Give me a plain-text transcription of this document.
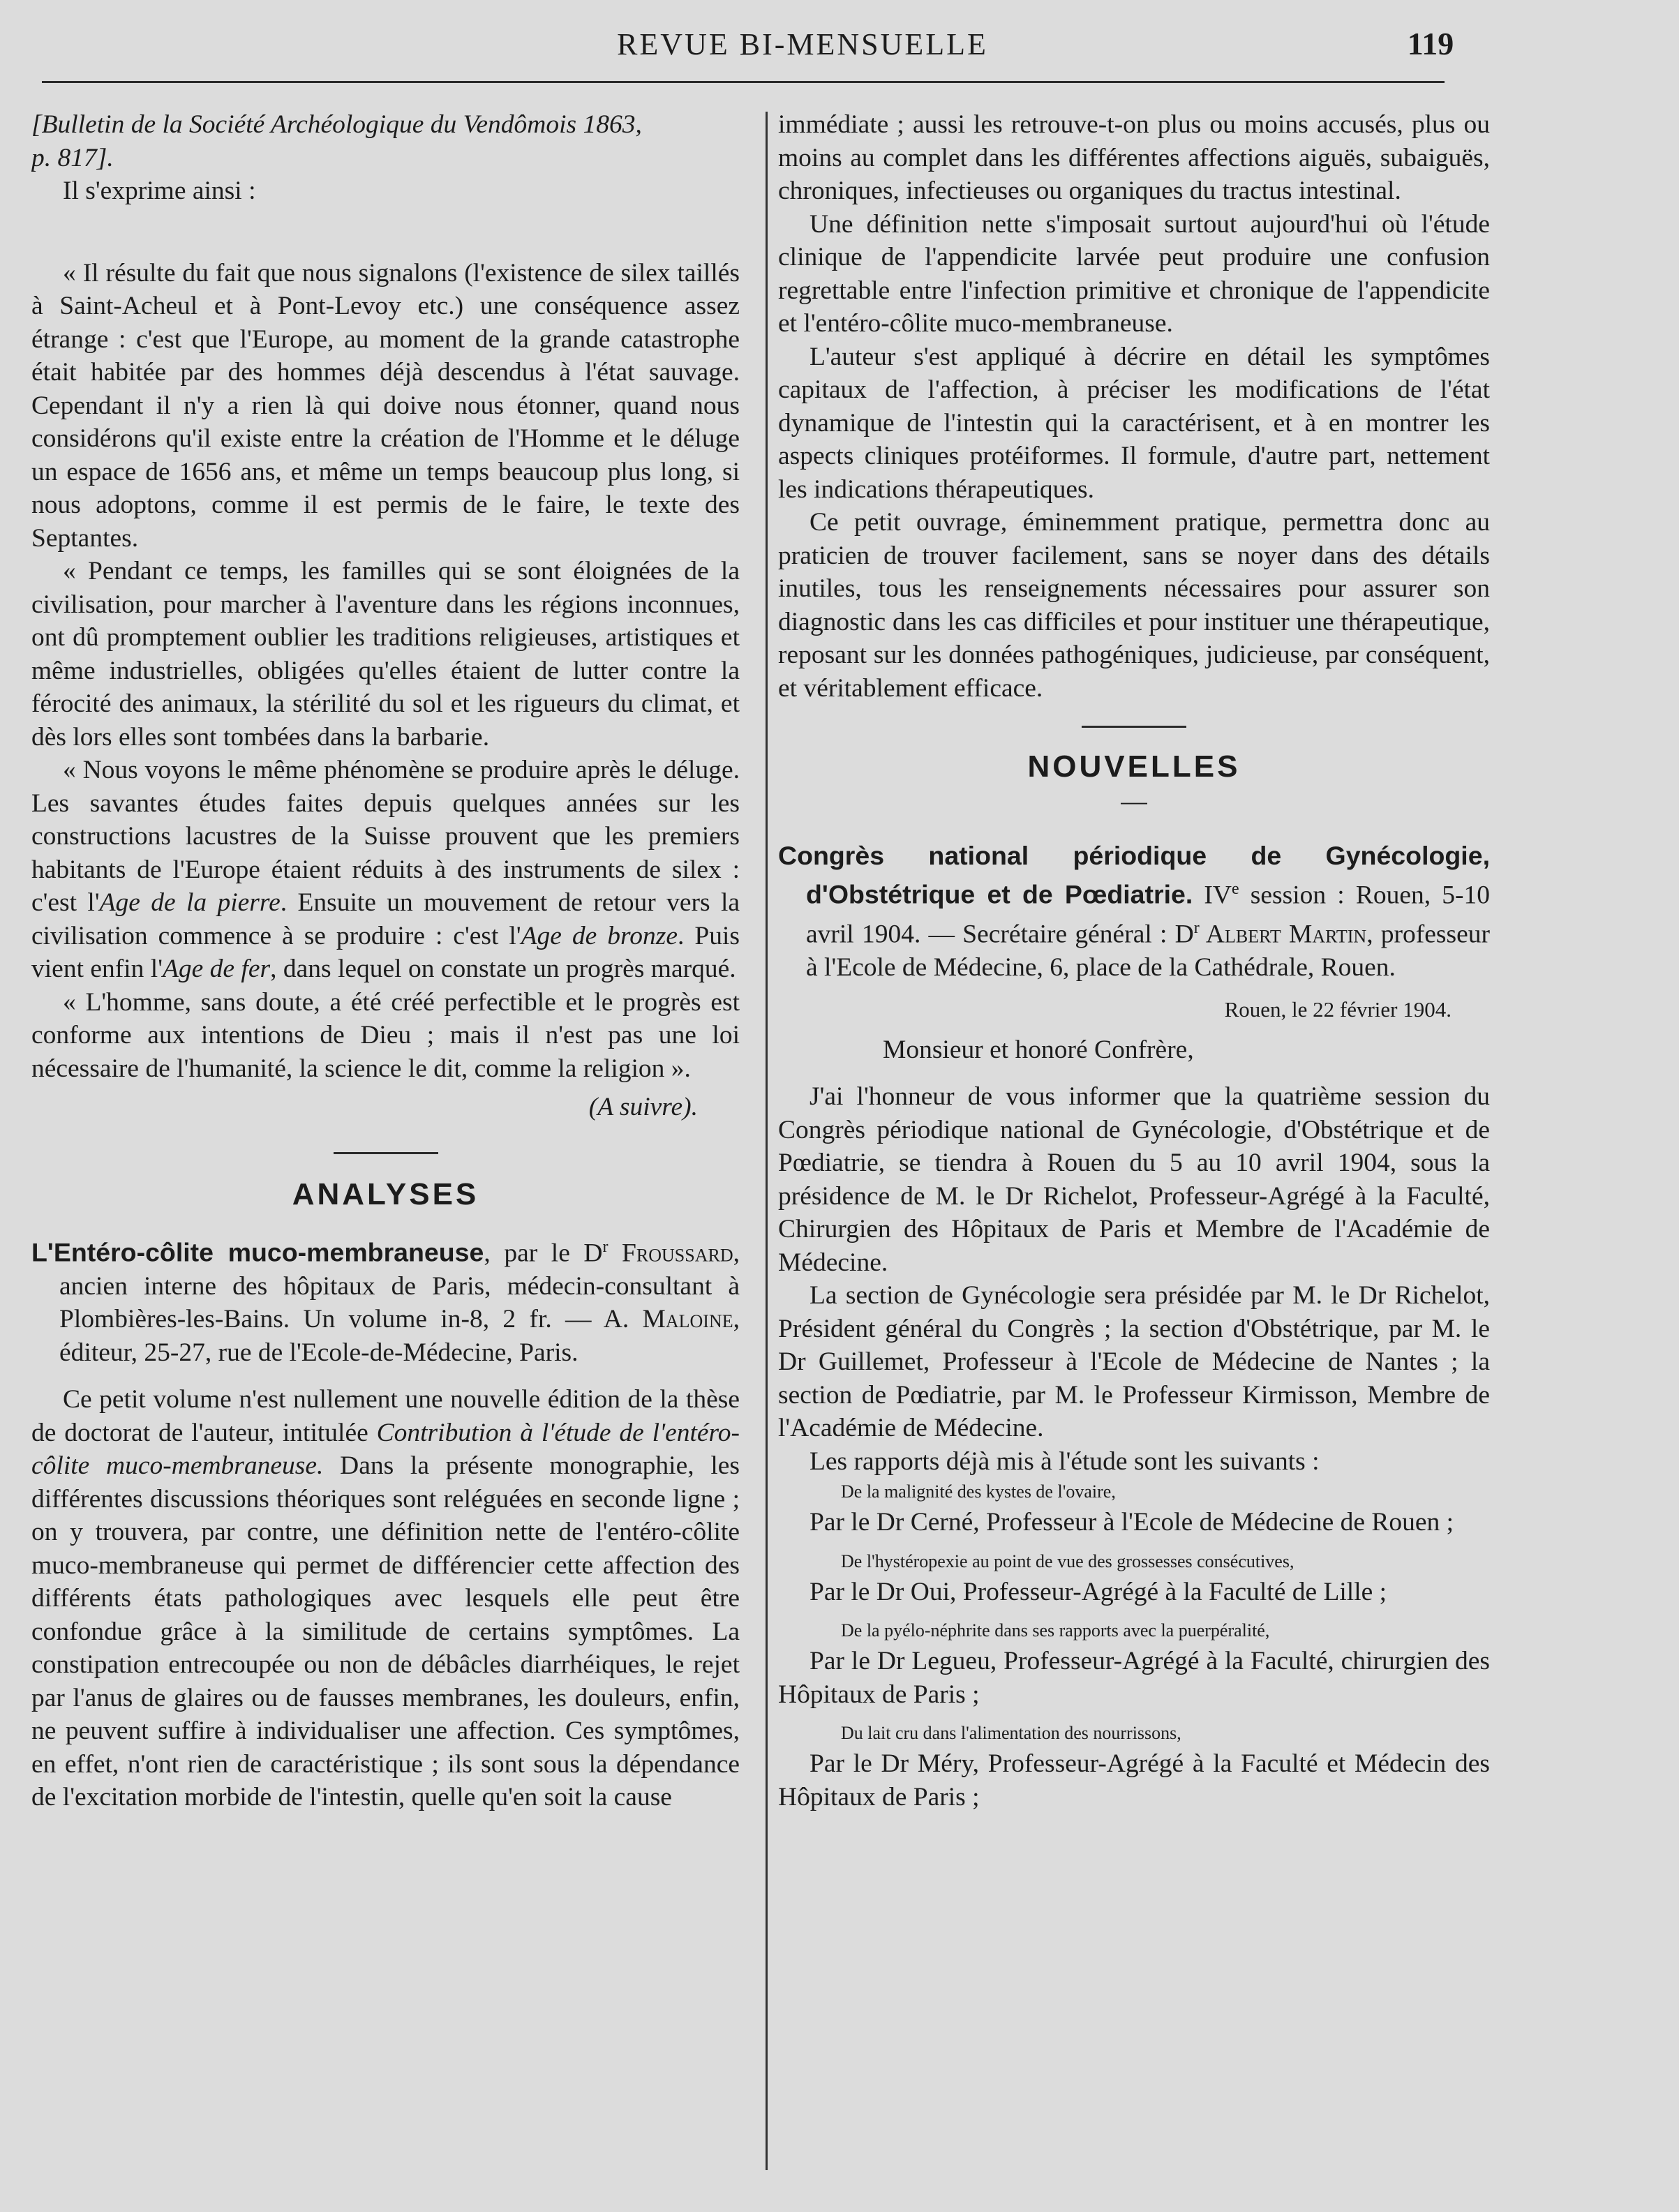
REVUE BI-MENSUELLE	119

[Bulletin de la Société Archéologique du Vendômois 1863,
p. 817].

Il s'exprime ainsi :

« Il résulte du fait que nous signalons (l'existence de silex taillés à Saint-Acheul et à Pont-Levoy etc.) une conséquence assez étrange : c'est que l'Europe, au moment de la grande catastrophe était habitée par des hommes déjà descendus à l'état sauvage. Cependant il n'y a rien là qui doive nous étonner, quand nous considérons qu'il existe entre la création de l'Homme et le déluge un espace de 1656 ans, et même un temps beaucoup plus long, si nous adoptons, comme il est permis de le faire, le texte des Septantes.

« Pendant ce temps, les familles qui se sont éloignées de la civilisation, pour marcher à l'aventure dans les régions inconnues, ont dû promptement oublier les traditions religieuses, artistiques et même industrielles, obligées qu'elles étaient de lutter contre la férocité des animaux, la stérilité du sol et les rigueurs du climat, et dès lors elles sont tombées dans la barbarie.

« Nous voyons le même phénomène se produire après le déluge. Les savantes études faites depuis quelques années sur les constructions lacustres de la Suisse prouvent que les premiers habitants de l'Europe étaient réduits à des instruments de silex : c'est l'Age de la pierre. Ensuite un mouvement de retour vers la civilisation commence à se produire : c'est l'Age de bronze. Puis vient enfin l'Age de fer, dans lequel on constate un progrès marqué.

« L'homme, sans doute, a été créé perfectible et le progrès est conforme aux intentions de Dieu ; mais il n'est pas une loi nécessaire de l'humanité, la science le dit, comme la religion ».

(A suivre).

ANALYSES

L'Entéro-côlite muco-membraneuse, par le $D^r$ Froussard, ancien interne des hôpitaux de Paris, médecin-consultant à Plombières-les-Bains. Un volume in-8, 2 fr. — A. Maloine, éditeur, 25-27, rue de l'Ecole-de-Médecine, Paris.

Ce petit volume n'est nullement une nouvelle édition de la thèse de doctorat de l'auteur, intitulée Contribution à l'étude de l'entéro-côlite muco-membraneuse. Dans la présente monographie, les différentes discussions théoriques sont reléguées en seconde ligne ; on y trouvera, par contre, une définition nette de l'entéro-côlite muco-membraneuse qui permet de différencier cette affection des différents états pathologiques avec lesquels elle peut être confondue grâce à la similitude de certains symptômes. La constipation entrecoupée ou non de débâcles diarrhéiques, le rejet par l'anus de glaires ou de fausses membranes, les douleurs, enfin, ne peuvent suffire à individualiser une affection. Ces symptômes, en effet, n'ont rien de caractéristique ; ils sont sous la dépendance de l'excitation morbide de l'intestin, quelle qu'en soit la cause

immédiate ; aussi les retrouve-t-on plus ou moins accusés, plus ou moins au complet dans les différentes affections aiguës, subaiguës, chroniques, infectieuses ou organiques du tractus intestinal.

Une définition nette s'imposait surtout aujourd'hui où l'étude clinique de l'appendicite larvée peut produire une confusion regrettable entre l'infection primitive et chronique de l'appendicite et l'entéro-côlite muco-membraneuse.

L'auteur s'est appliqué à décrire en détail les symptômes capitaux de l'affection, à préciser les modifications de l'état dynamique de l'intestin qui la caractérisent, et à en montrer les aspects cliniques protéiformes. Il formule, d'autre part, nettement les indications thérapeutiques.

Ce petit ouvrage, éminemment pratique, permettra donc au praticien de trouver facilement, sans se noyer dans des détails inutiles, tous les renseignements nécessaires pour assurer son diagnostic dans les cas difficiles et pour instituer une thérapeutique, reposant sur les données pathogéniques, judicieuse, par conséquent, et véritablement efficace.

NOUVELLES

—

Congrès national périodique de Gynécologie, d'Obstétrique et de Pœdiatrie. IVe session : Rouen, 5-10 avril 1904. — Secrétaire général : $D^r$ Albert Martin, professeur à l'Ecole de Médecine, 6, place de la Cathédrale, Rouen.

Rouen, le 22 février 1904.

Monsieur et honoré Confrère,

J'ai l'honneur de vous informer que la quatrième session du Congrès périodique national de Gynécologie, d'Obstétrique et de Pœdiatrie, se tiendra à Rouen du 5 au 10 avril 1904, sous la présidence de M. le Dr Richelot, Professeur-Agrégé à la Faculté, Chirurgien des Hôpitaux de Paris et Membre de l'Académie de Médecine.

La section de Gynécologie sera présidée par M. le Dr Richelot, Président général du Congrès ; la section d'Obstétrique, par M. le Dr Guillemet, Professeur à l'Ecole de Médecine de Nantes ; la section de Pœdiatrie, par M. le Professeur Kirmisson, Membre de l'Académie de Médecine.

Les rapports déjà mis à l'étude sont les suivants :

De la malignité des kystes de l'ovaire,

Par le Dr Cerné, Professeur à l'Ecole de Médecine de Rouen ;

De l'hystéropexie au point de vue des grossesses consécutives,

Par le Dr Oui, Professeur-Agrégé à la Faculté de Lille ;

De la pyélo-néphrite dans ses rapports avec la puerpéralité,

Par le Dr Legueu, Professeur-Agrégé à la Faculté, chirurgien des Hôpitaux de Paris ;

Du lait cru dans l'alimentation des nourrissons,

Par le Dr Méry, Professeur-Agrégé à la Faculté et Médecin des Hôpitaux de Paris ;
